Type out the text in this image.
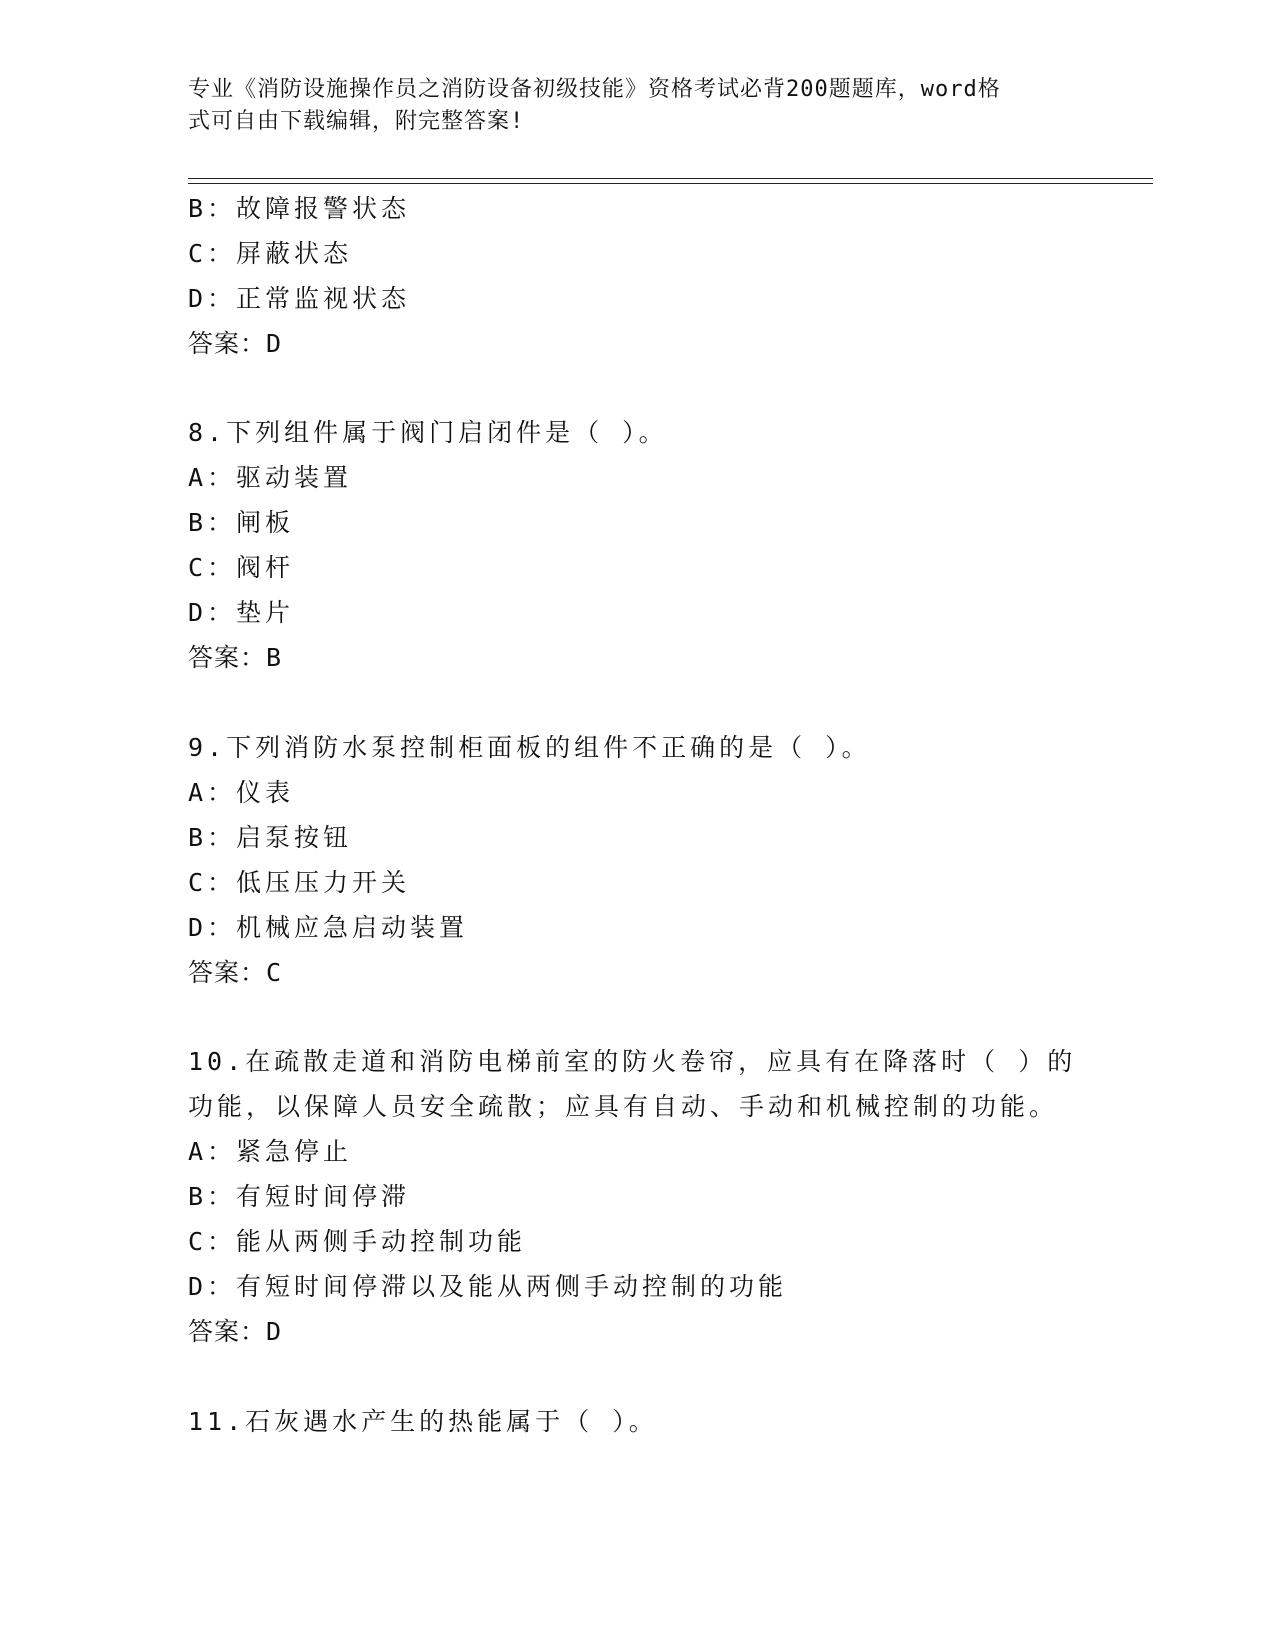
专业《消防设施操作员之消防设备初级技能》资格考试必背200题题库，word格
式可自由下载编辑，附完整答案!
B：故障报警状态
C：屏蔽状态
D：正常监视状态
答案：D
8.下列组件属于阀门启闭件是（ ）。
A：驱动装置
B：闸板
C：阀杆
D：垫片
答案：B
9.下列消防水泵控制柜面板的组件不正确的是（ ）。
A：仪表
B：启泵按钮
C：低压压力开关
D：机械应急启动装置
答案：C
10.在疏散走道和消防电梯前室的防火卷帘，应具有在降落时（ ）的
功能，以保障人员安全疏散；应具有自动、手动和机械控制的功能。
A：紧急停止
B：有短时间停滞
C：能从两侧手动控制功能
D：有短时间停滞以及能从两侧手动控制的功能
答案：D
11.石灰遇水产生的热能属于（ ）。
